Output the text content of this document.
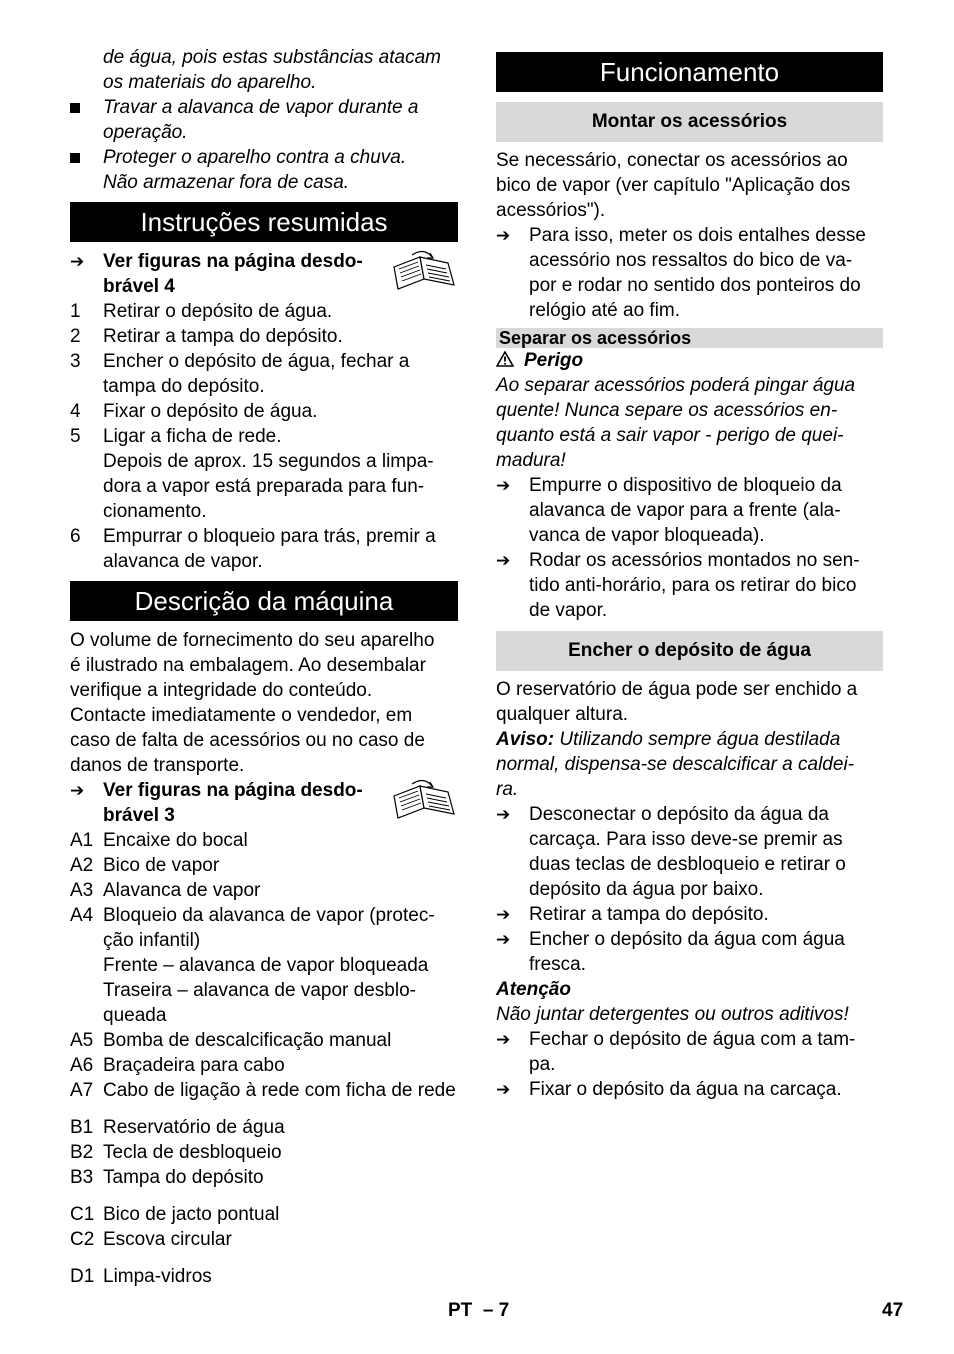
de água, pois estas substâncias atacam
os materiais do aparelho.
Travar a alavanca de vapor durante a
operação.
Proteger o aparelho contra a chuva.
Não armazenar fora de casa.
Instruções resumidas
➔ Ver figuras na página desdo-
brável 4
1	Retirar o depósito de água.
2	Retirar a tampa do depósito.
3	Encher o depósito de água, fechar a
tampa do depósito.
4	Fixar o depósito de água.
5	Ligar a ficha de rede.
Depois de aprox. 15 segundos a limpa-
dora a vapor está preparada para fun-
cionamento.
6	Empurrar o bloqueio para trás, premir a
alavanca de vapor.
Descrição da máquina
O volume de fornecimento do seu aparelho
é ilustrado na embalagem. Ao desembalar
verifique a integridade do conteúdo.
Contacte imediatamente o vendedor, em
caso de falta de acessórios ou no caso de
danos de transporte.
➔ Ver figuras na página desdo-
brável 3
A1 Encaixe do bocal
A2 Bico de vapor
A3 Alavanca de vapor
A4 Bloqueio da alavanca de vapor (protec-
ção infantil)
Frente – alavanca de vapor bloqueada
Traseira – alavanca de vapor desblo-
queada
A5 Bomba de descalcificação manual
A6 Braçadeira para cabo
A7 Cabo de ligação à rede com ficha de rede
B1 Reservatório de água
B2 Tecla de desbloqueio
B3 Tampa do depósito
C1 Bico de jacto pontual
C2 Escova circular
D1 Limpa-vidros
Funcionamento
Montar os acessórios
Se necessário, conectar os acessórios ao
bico de vapor (ver capítulo "Aplicação dos
acessórios").
➔ Para isso, meter os dois entalhes desse
acessório nos ressaltos do bico de va-
por e rodar no sentido dos ponteiros do
relógio até ao fim.
Separar os acessórios
Perigo
Ao separar acessórios poderá pingar água
quente! Nunca separe os acessórios en-
quanto está a sair vapor - perigo de quei-
madura!
➔ Empurre o dispositivo de bloqueio da
alavanca de vapor para a frente (ala-
vanca de vapor bloqueada).
➔ Rodar os acessórios montados no sen-
tido anti-horário, para os retirar do bico
de vapor.
Encher o depósito de água
O reservatório de água pode ser enchido a
qualquer altura.
Aviso: Utilizando sempre água destilada
normal, dispensa-se descalcificar a caldei-
ra.
➔ Desconectar o depósito da água da
carcaça. Para isso deve-se premir as
duas teclas de desbloqueio e retirar o
depósito da água por baixo.
➔ Retirar a tampa do depósito.
➔ Encher o depósito da água com água
fresca.
Atenção
Não juntar detergentes ou outros aditivos!
➔ Fechar o depósito de água com a tam-
pa.
➔ Fixar o depósito da água na carcaça.
PT  – 7	47
